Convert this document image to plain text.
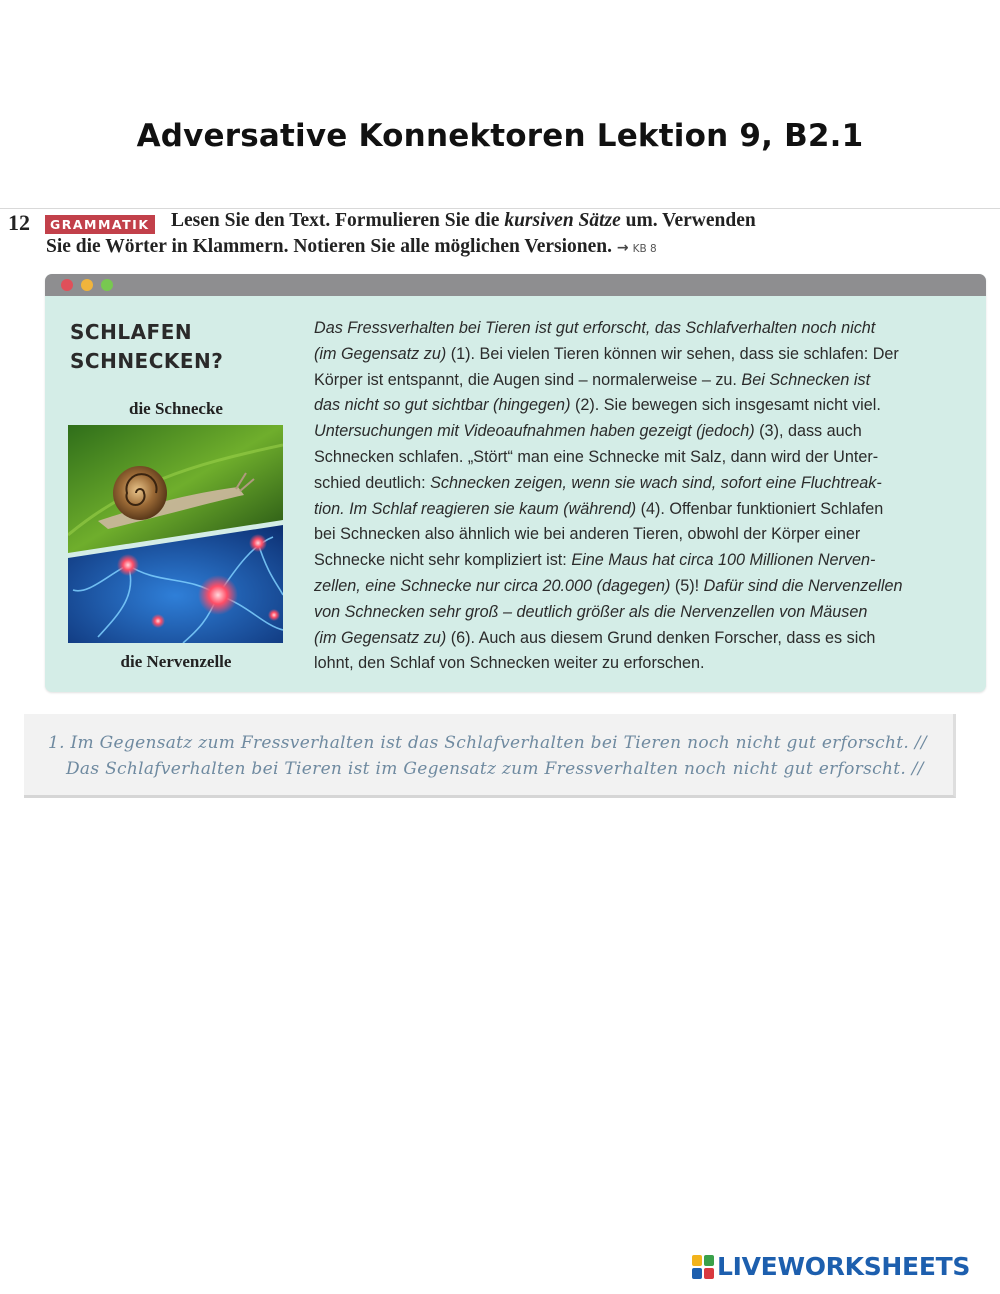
Adversative Konnektoren Lektion 9, B2.1
12	GRAMMATIK Lesen Sie den Text. Formulieren Sie die kursiven Sätze um. Verwenden
Sie die Wörter in Klammern. Notieren Sie alle möglichen Versionen. → KB 8
SCHLAFEN
SCHNECKEN?
die Schnecke
die Nervenzelle
Das Fressverhalten bei Tieren ist gut erforscht, das Schlafverhalten noch nicht
(im Gegensatz zu) (1). Bei vielen Tieren können wir sehen, dass sie schlafen: Der
Körper ist entspannt, die Augen sind – normalerweise – zu. Bei Schnecken ist
das nicht so gut sichtbar (hingegen) (2). Sie bewegen sich insgesamt nicht viel.
Untersuchungen mit Videoaufnahmen haben gezeigt (jedoch) (3), dass auch
Schnecken schlafen. „Stört“ man eine Schnecke mit Salz, dann wird der Unter-
schied deutlich: Schnecken zeigen, wenn sie wach sind, sofort eine Fluchtreak-
tion. Im Schlaf reagieren sie kaum (während) (4). Offenbar funktioniert Schlafen
bei Schnecken also ähnlich wie bei anderen Tieren, obwohl der Körper einer
Schnecke nicht sehr kompliziert ist: Eine Maus hat circa 100 Millionen Nerven-
zellen, eine Schnecke nur circa 20.000 (dagegen) (5)! Dafür sind die Nervenzellen
von Schnecken sehr groß – deutlich größer als die Nervenzellen von Mäusen
(im Gegensatz zu) (6). Auch aus diesem Grund denken Forscher, dass es sich
lohnt, den Schlaf von Schnecken weiter zu erforschen.
1. Im Gegensatz zum Fressverhalten ist das Schlafverhalten bei Tieren noch nicht gut erforscht. //
Das Schlafverhalten bei Tieren ist im Gegensatz zum Fressverhalten noch nicht gut erforscht. //
LIVEWORKSHEETS
